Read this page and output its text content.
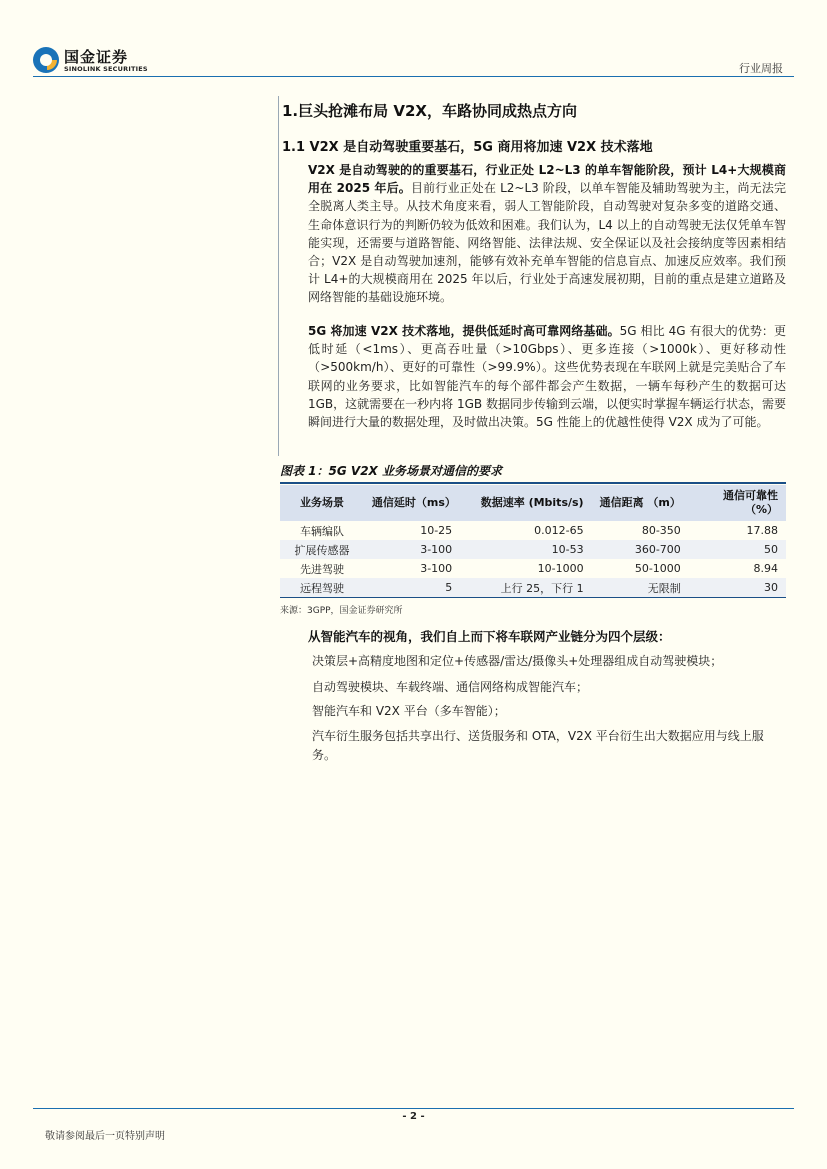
国金证券
SINOLINK SECURITIES	行业周报
1.巨头抢滩布局 V2X，车路协同成热点方向
1.1 V2X 是自动驾驶重要基石，5G 商用将加速 V2X 技术落地
V2X 是自动驾驶的的重要基石，行业正处 L2~L3 的单车智能阶段，预计 L4+大规模商用在 2025 年后。目前行业正处在 L2~L3 阶段，以单车智能及辅助驾驶为主，尚无法完全脱离人类主导。从技术角度来看，弱人工智能阶段，自动驾驶对复杂多变的道路交通、生命体意识行为的判断仍较为低效和困难。我们认为，L4 以上的自动驾驶无法仅凭单车智能实现，还需要与道路智能、网络智能、法律法规、安全保证以及社会接纳度等因素相结合；V2X 是自动驾驶加速剂，能够有效补充单车智能的信息盲点、加速反应效率。我们预计 L4+的大规模商用在 2025 年以后，行业处于高速发展初期，目前的重点是建立道路及网络智能的基础设施环境。
5G 将加速 V2X 技术落地，提供低延时高可靠网络基础。5G 相比 4G 有很大的优势：更低时延（<1ms）、更高吞吐量（>10Gbps）、更多连接（>1000k）、更好移动性（>500km/h）、更好的可靠性（>99.9%）。这些优势表现在车联网上就是完美贴合了车联网的业务要求，比如智能汽车的每个部件都会产生数据，一辆车每秒产生的数据可达 1GB，这就需要在一秒内将 1GB 数据同步传输到云端，以便实时掌握车辆运行状态，需要瞬间进行大量的数据处理，及时做出决策。5G 性能上的优越性使得 V2X 成为了可能。
图表 1：5G V2X 业务场景对通信的要求
业务场景	通信延时（ms）	数据速率 (Mbits/s)	通信距离 （m）	通信可靠性 （%）
车辆编队	10-25	0.012-65	80-350	17.88
扩展传感器	3-100	10-53	360-700	50
先进驾驶	3-100	10-1000	50-1000	8.94
远程驾驶	5	上行 25，下行 1	无限制	30
来源：3GPP，国金证券研究所
从智能汽车的视角，我们自上而下将车联网产业链分为四个层级：
决策层+高精度地图和定位+传感器/雷达/摄像头+处理器组成自动驾驶模块；
自动驾驶模块、车载终端、通信网络构成智能汽车；
智能汽车和 V2X 平台（多车智能）；
汽车衍生服务包括共享出行、送货服务和 OTA，V2X 平台衍生出大数据应用与线上服务。
- 2 -
敬请参阅最后一页特别声明
